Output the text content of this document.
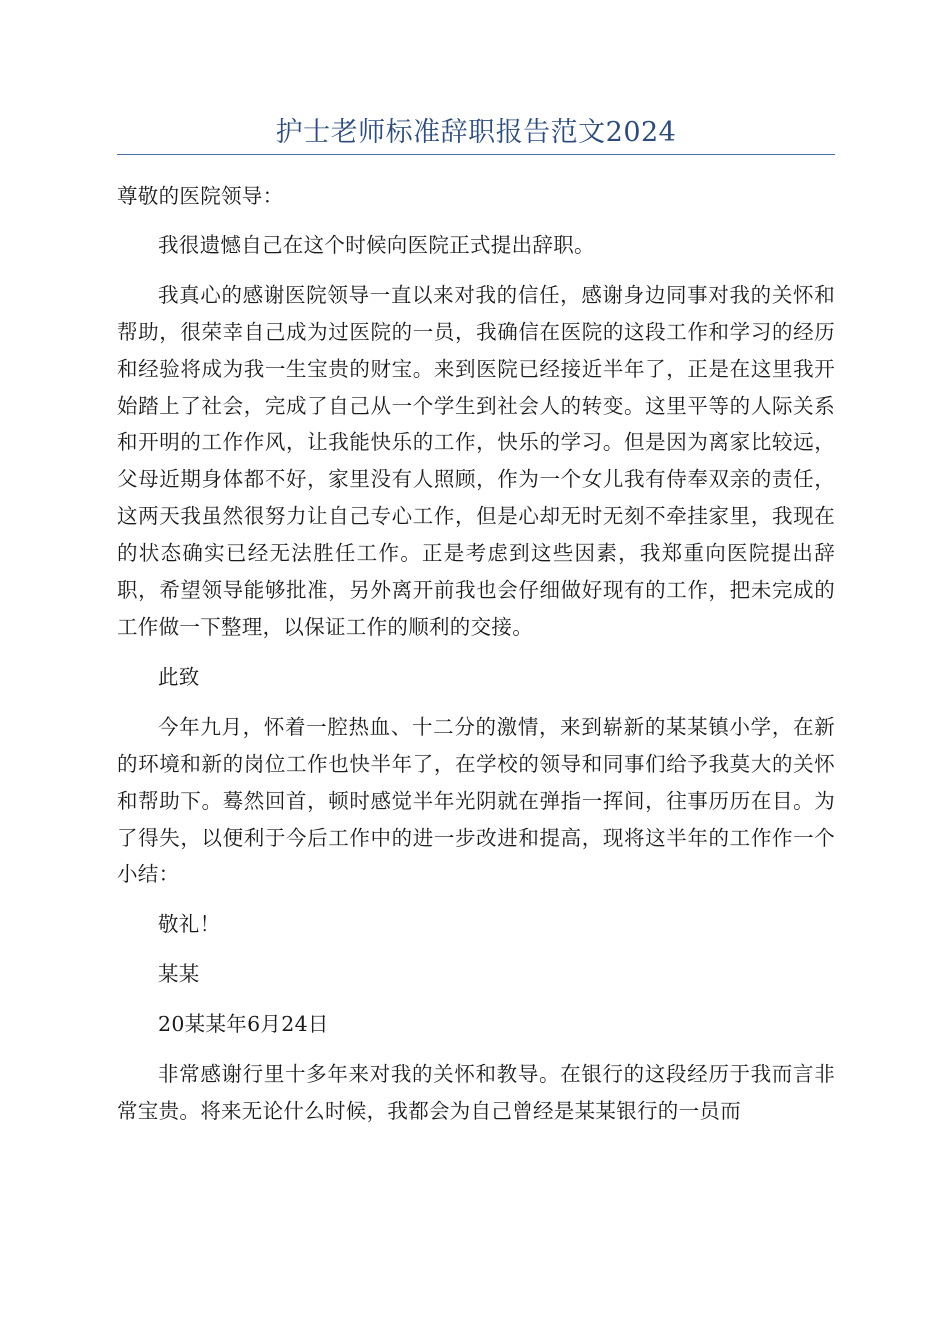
护士老师标准辞职报告范文2024

尊敬的医院领导：

我很遗憾自己在这个时候向医院正式提出辞职。

我真心的感谢医院领导一直以来对我的信任，感谢身边同事对我的关怀和帮助，很荣幸自己成为过医院的一员，我确信在医院的这段工作和学习的经历和经验将成为我一生宝贵的财宝。来到医院已经接近半年了，正是在这里我开始踏上了社会，完成了自己从一个学生到社会人的转变。这里平等的人际关系和开明的工作作风，让我能快乐的工作，快乐的学习。但是因为离家比较远，父母近期身体都不好，家里没有人照顾，作为一个女儿我有侍奉双亲的责任，这两天我虽然很努力让自己专心工作，但是心却无时无刻不牵挂家里，我现在的状态确实已经无法胜任工作。正是考虑到这些因素，我郑重向医院提出辞职，希望领导能够批准，另外离开前我也会仔细做好现有的工作，把未完成的工作做一下整理，以保证工作的顺利的交接。

此致

今年九月，怀着一腔热血、十二分的激情，来到崭新的某某镇小学，在新的环境和新的岗位工作也快半年了，在学校的领导和同事们给予我莫大的关怀和帮助下。蓦然回首，顿时感觉半年光阴就在弹指一挥间，往事历历在目。为了得失，以便利于今后工作中的进一步改进和提高，现将这半年的工作作一个小结：

敬礼！

某某

20某某年6月24日

非常感谢行里十多年来对我的关怀和教导。在银行的这段经历于我而言非常宝贵。将来无论什么时候，我都会为自己曾经是某某银行的一员而
